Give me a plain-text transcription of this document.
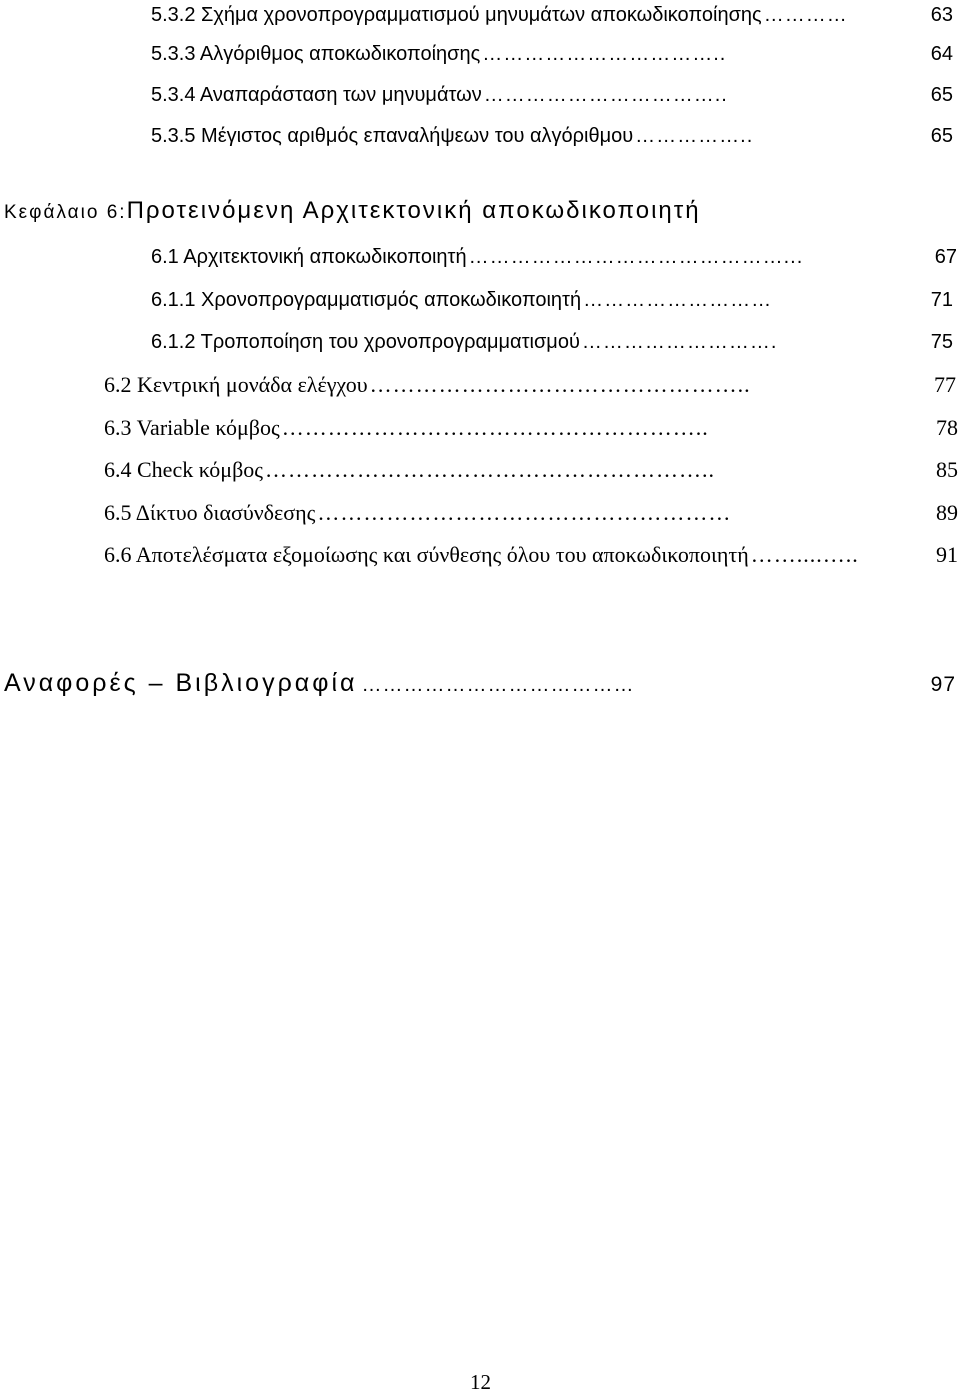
5.3.2 Σχήμα χρονοπρογραμματισμού μηνυμάτων αποκωδικοποίησης …………	63
5.3.3 Αλγόριθμος αποκωδικοποίησης ……………………………..	64
5.3.4 Αναπαράσταση των μηνυμάτων ……………………………..	65
5.3.5 Μέγιστος αριθμός επαναλήψεων του αλγόριθμου ……………..	65
Κεφάλαιο 6:Προτεινόμενη Αρχιτεκτονική αποκωδικοποιητή
6.1 Αρχιτεκτονική αποκωδικοποιητή ………………………………………...	67
6.1.1 Χρονοπρογραμματισμός αποκωδικοποιητή ………………………	71
6.1.2 Τροποποίηση του χρονοπρογραμματισμού ……………………….	75
6.2 Κεντρική μονάδα ελέγχου …………………………………………..	77
6.3 Variable κόμβος ………………………………………………..	78
6.4 Check κόμβος …………………………………………………..	85
6.5 Δίκτυο διασύνδεσης ………………………………………………	89
6.6 Αποτελέσματα εξομοίωσης και σύνθεσης όλου του αποκωδικοποιητή ……....…..	91
Αναφορές – Βιβλιογραφία …………………………………	97
12
